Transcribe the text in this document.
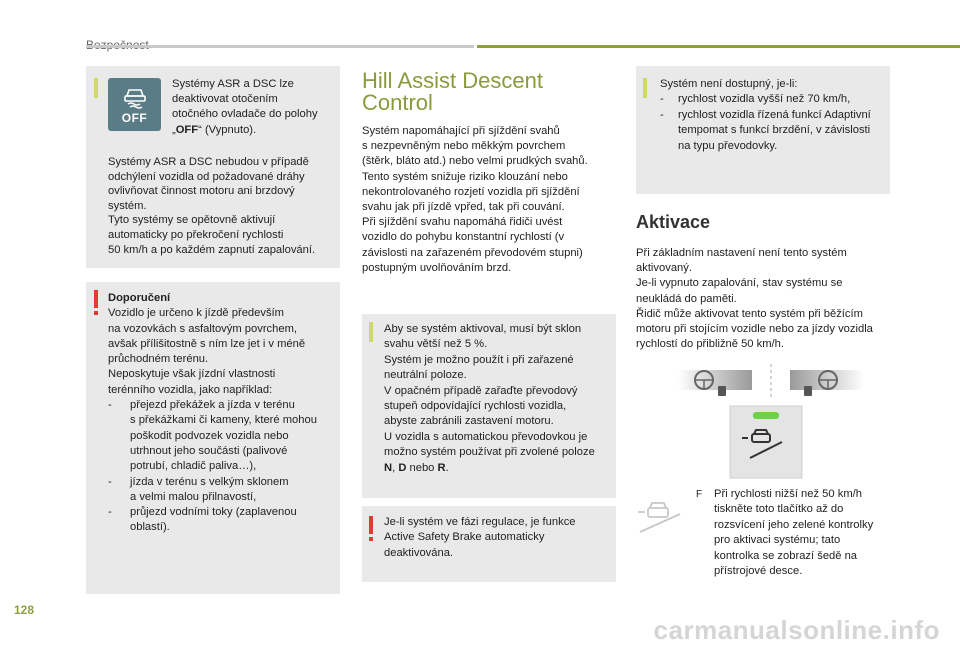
OFF

Systémy ASR a DSC lze

deaktivovat otočením

otočného ovladače do polohy

„OFF“ (Vypnuto).

Systémy ASR a DSC nebudou v případě

odchýlení vozidla od požadované dráhy

ovlivňovat činnost motoru ani brzdový

systém.

Tyto systémy se opětovně aktivují

automaticky po překročení rychlosti

50 km/h a po každém zapnutí zapalování.

Doporučení

Vozidlo je určeno k jízdě především

na vozovkách s asfaltovým povrchem,

avšak přílišitostně s ním lze jet i v méně

průchodném terénu.

Neposkytuje však jízdní vlastnosti

terénního vozidla, jako například:

-	přejezd překážek a jízda v terénu

s překážkami či kameny, které mohou

poškodit podvozek vozidla nebo

utrhnout jeho součásti (palivové

potrubí, chladič paliva…),

-	jízda v terénu s velkým sklonem

a velmi malou přilnavostí,

-	průjezd vodními toky (zaplavenou

oblastí).

Hill Assist Descent
Control

Systém napomáhající při sjíždění svahů

s nezpevněným nebo měkkým povrchem

(štěrk, bláto atd.) nebo velmi prudkých svahů.

Tento systém snižuje riziko klouzání nebo

nekontrolovaného rozjetí vozidla při sjíždění

svahu jak při jízdě vpřed, tak při couvání.

Při sjíždění svahu napomáhá řidiči uvést

vozidlo do pohybu konstantní rychlostí (v

závislosti na zařazeném převodovém stupni)

postupným uvolňováním brzd.

Aby se systém aktivoval, musí být sklon

svahu větší než 5 %.

Systém je možno použít i při zařazené

neutrální poloze.

V opačném případě zařaďte převodový

stupeň odpovídající rychlosti vozidla,

abyste zabránili zastavení motoru.

U vozidla s automatickou převodovkou je

možno systém používat při zvolené poloze

N, D nebo R.

Je-li systém ve fázi regulace, je funkce

Active Safety Brake automaticky

deaktivována.

Systém není dostupný, je-li:

-	rychlost vozidla vyšší než 70 km/h,

-	rychlost vozidla řízená funkcí Adaptivní

tempomat s funkcí brzdění, v závislosti

na typu převodovky.

Aktivace

Při základním nastavení není tento systém

aktivovaný.

Je-li vypnuto zapalování, stav systému se

neukládá do paměti.

Řidič může aktivovat tento systém při běžícím

motoru při stojícím vozidle nebo za jízdy vozidla

rychlostí do přibližně 50 km/h.

F Při rychlosti nižší než 50 km/h

tiskněte toto tlačítko až do

rozsvícení jeho zelené kontrolky

pro aktivaci systému; tato

kontrolka se zobrazí šedě na

přístrojové desce.

128
carmanualsonline.info
